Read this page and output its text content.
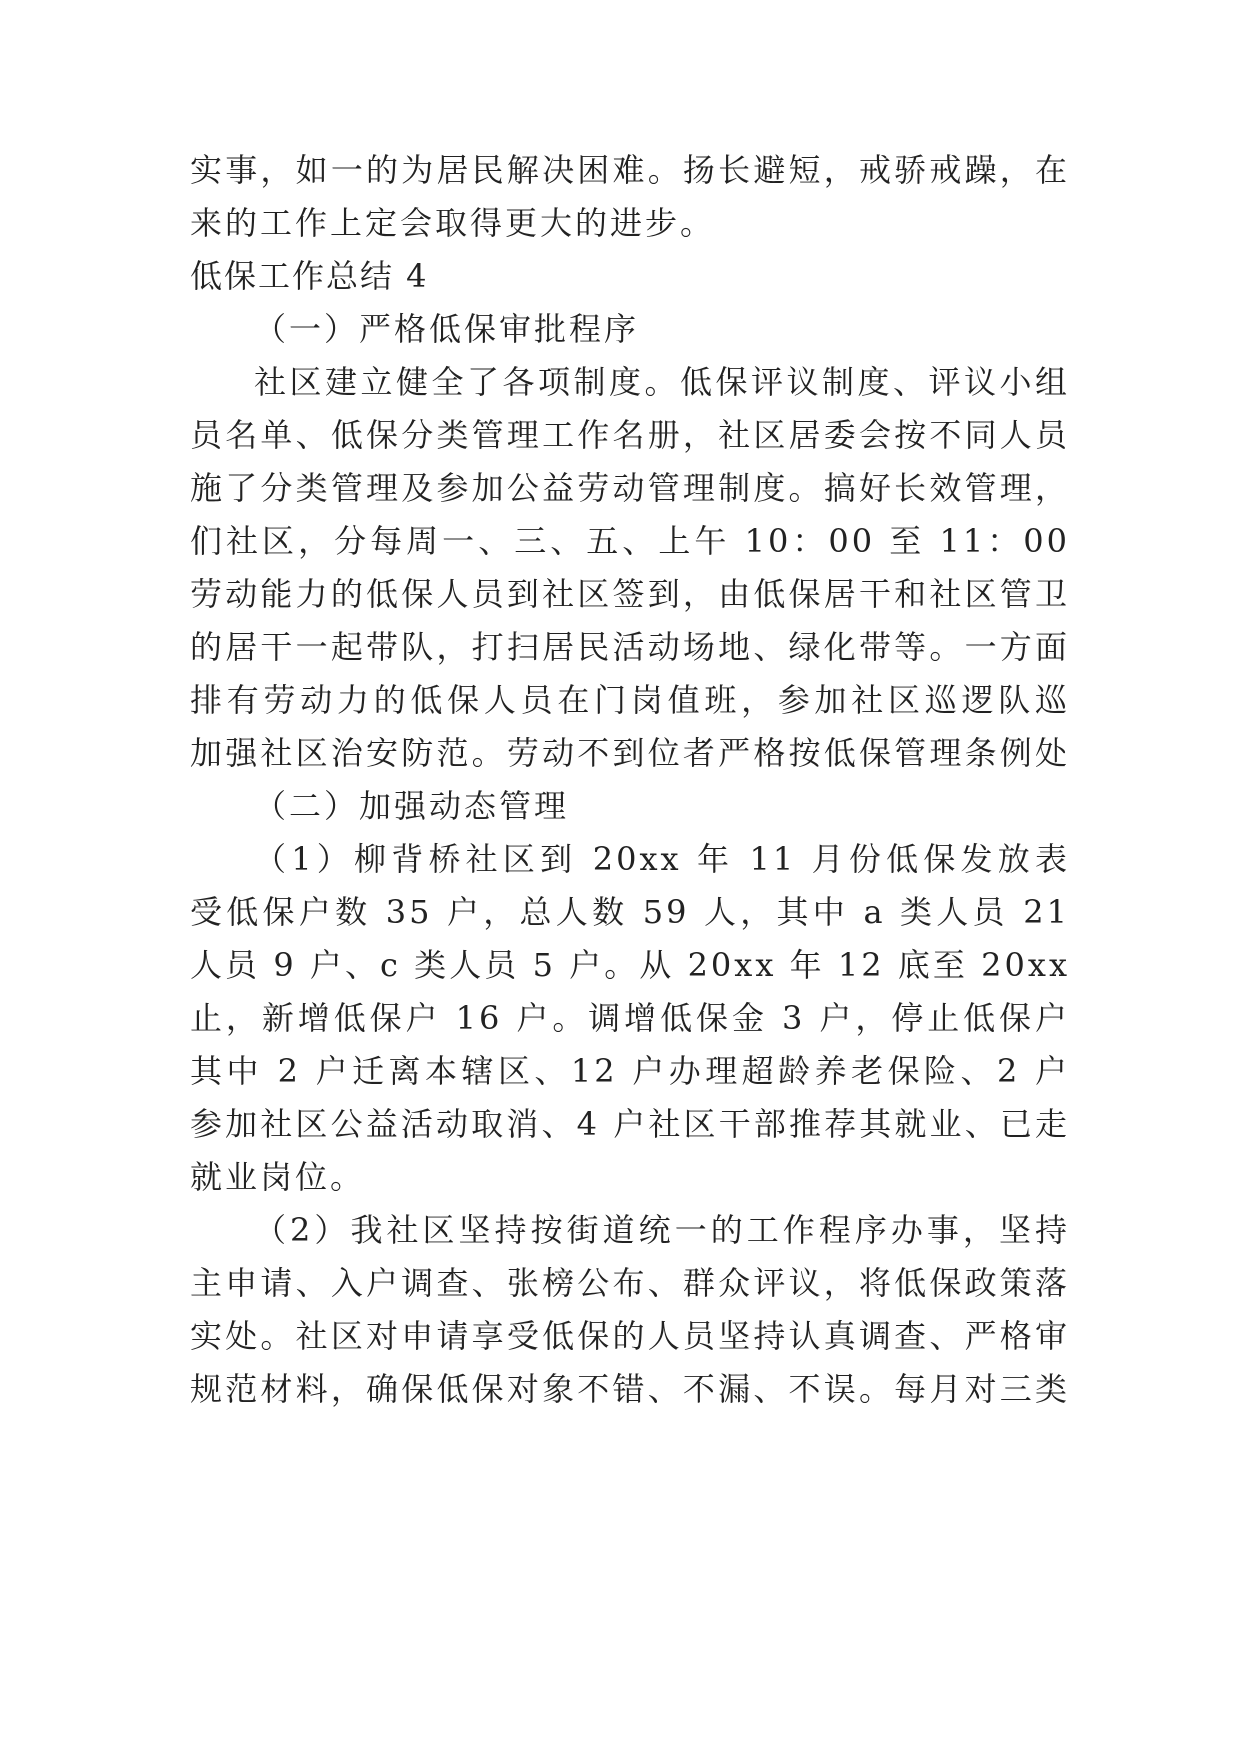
实事，如一的为居民解决困难。扬长避短，戒骄戒躁，在
来的工作上定会取得更大的进步。
低保工作总结 4
（一）严格低保审批程序
社区建立健全了各项制度。低保评议制度、评议小组
员名单、低保分类管理工作名册，社区居委会按不同人员
施了分类管理及参加公益劳动管理制度。搞好长效管理，
们社区，分每周一、三、五、上午 10：00 至 11：00
劳动能力的低保人员到社区签到，由低保居干和社区管卫
的居干一起带队，打扫居民活动场地、绿化带等。一方面
排有劳动力的低保人员在门岗值班，参加社区巡逻队巡
加强社区治安防范。劳动不到位者严格按低保管理条例处
（二）加强动态管理
（1）柳背桥社区到 20xx 年 11 月份低保发放表
受低保户数 35 户，总人数 59 人，其中 a 类人员 21
人员 9 户、c 类人员 5 户。从 20xx 年 12 底至 20xx
止，新增低保户 16 户。调增低保金 3 户，停止低保户
其中 2 户迁离本辖区、12 户办理超龄养老保险、2 户
参加社区公益活动取消、4 户社区干部推荐其就业、已走
就业岗位。
（2）我社区坚持按街道统一的工作程序办事，坚持
主申请、入户调查、张榜公布、群众评议，将低保政策落
实处。社区对申请享受低保的人员坚持认真调查、严格审
规范材料，确保低保对象不错、不漏、不误。每月对三类
